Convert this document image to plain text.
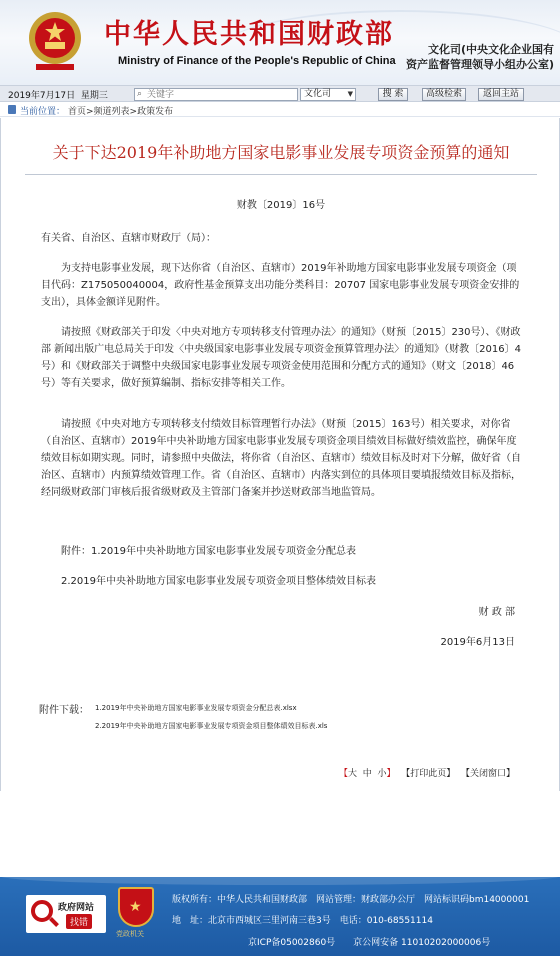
中华人民共和国财政部
Ministry of Finance of the People's Republic of China
文化司(中央文化企业国有
资产监督管理领导小组办公室)
2019年7月17日 星期三	⌕
关键字	文化司 ▼	搜 索	高级检索	返回主站
当前位置： 首页>频道列表>政策发布
关于下达2019年补助地方国家电影事业发展专项资金预算的通知
财教〔2019〕16号
有关省、自治区、直辖市财政厅（局）：
为支持电影事业发展，现下达你省（自治区、直辖市）2019年补助地方国家电影事业发展专项资金（项目代码：Z175050040004，政府性基金预算支出功能分类科目：20707 国家电影事业发展专项资金安排的支出），具体金额详见附件。
请按照《财政部关于印发〈中央对地方专项转移支付管理办法〉的通知》（财预〔2015〕230号）、《财政部 新闻出版广电总局关于印发〈中央级国家电影事业发展专项资金预算管理办法〉的通知》（财教〔2016〕4号）和《财政部关于调整中央级国家电影事业发展专项资金使用范围和分配方式的通知》（财文〔2018〕46号）等有关要求，做好预算编制、指标安排等相关工作。
请按照《中央对地方专项转移支付绩效目标管理暂行办法》（财预〔2015〕163号）相关要求，对你省（自治区、直辖市）2019年中央补助地方国家电影事业发展专项资金项目绩效目标做好绩效监控，确保年度绩效目标如期实现。同时，请参照中央做法，将你省（自治区、直辖市）绩效目标及时对下分解，做好省（自治区、直辖市）内预算绩效管理工作。省（自治区、直辖市）内落实到位的具体项目要填报绩效目标及指标，经同级财政部门审核后报省级财政及主管部门备案并抄送财政部当地监管局。
附件：1.2019年中央补助地方国家电影事业发展专项资金分配总表
2.2019年中央补助地方国家电影事业发展专项资金项目整体绩效目标表
财 政 部
2019年6月13日
附件下载： 1.2019年中央补助地方国家电影事业发展专项资金分配总表.xlsx
2.2019年中央补助地方国家电影事业发展专项资金项目整体绩效目标表.xls
【大 中 小】 【打印此页】 【关闭窗口】
政府网站
找错
★
党政机关
版权所有：中华人民共和国财政部　网站管理：财政部办公厅　网站标识码bm14000001
地　址：北京市西城区三里河南三巷3号　电话：010-68551114
京ICP备05002860号　　京公网安备 11010202000006号
